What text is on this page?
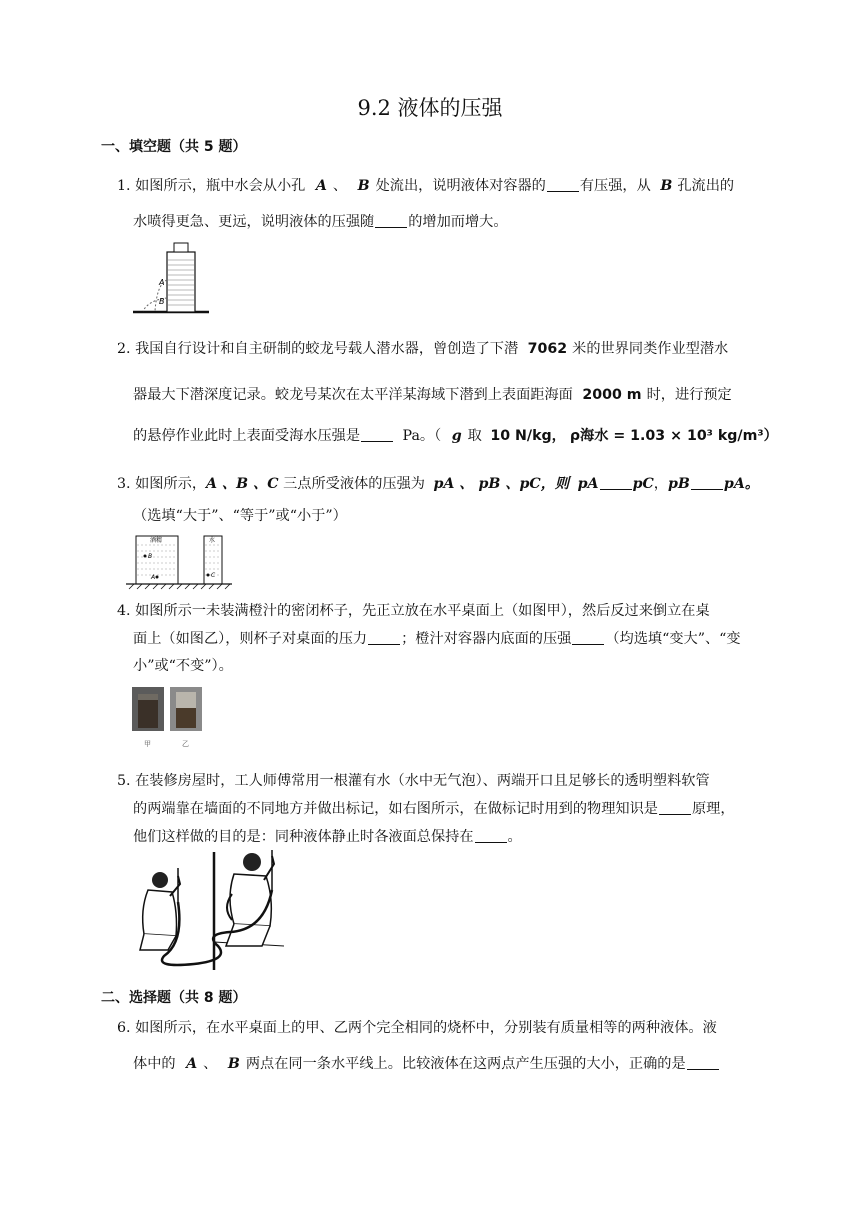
9.2 液体的压强
一、填空题（共 5 题）
1. 如图所示，瓶中水会从小孔 A 、 B 处流出，说明液体对容器的 有压强，从 B 孔流出的
水喷得更急、更远，说明液体的压强随 的增加而增大。
A
B
2. 我国自行设计和自主研制的蛟龙号载人潜水器，曾创造了下潜 7062 米的世界同类作业型潜水
器最大下潜深度记录。蛟龙号某次在太平洋某海域下潜到上表面距海面 2000 m 时，进行预定
的悬停作业此时上表面受海水压强是	Pa。（ g 取 10 N/kg， ρ海水 = 1.03 × 10³ kg/m³）
3. 如图所示，A 、B 、C 三点所受液体的压强为 pA 、 pB 、pC，则 pA pC，pB pA。
（选填“大于”、“等于”或“小于”）
酒精	水
B
A	C
4. 如图所示一未装满橙汁的密闭杯子，先正立放在水平桌面上（如图甲），然后反过来倒立在桌
面上（如图乙），则杯子对桌面的压力 ；橙汁对容器内底面的压强 （均选填“变大”、“变
小”或“不变”）。
甲	乙
5. 在装修房屋时，工人师傅常用一根灌有水（水中无气泡）、两端开口且足够长的透明塑料软管
的两端靠在墙面的不同地方并做出标记，如右图所示，在做标记时用到的物理知识是 原理，
他们这样做的目的是：同种液体静止时各液面总保持在 。
二、选择题（共 8 题）
6. 如图所示，在水平桌面上的甲、乙两个完全相同的烧杯中，分别装有质量相等的两种液体。液
体中的 A 、 B 两点在同一条水平线上。比较液体在这两点产生压强的大小，正确的是
